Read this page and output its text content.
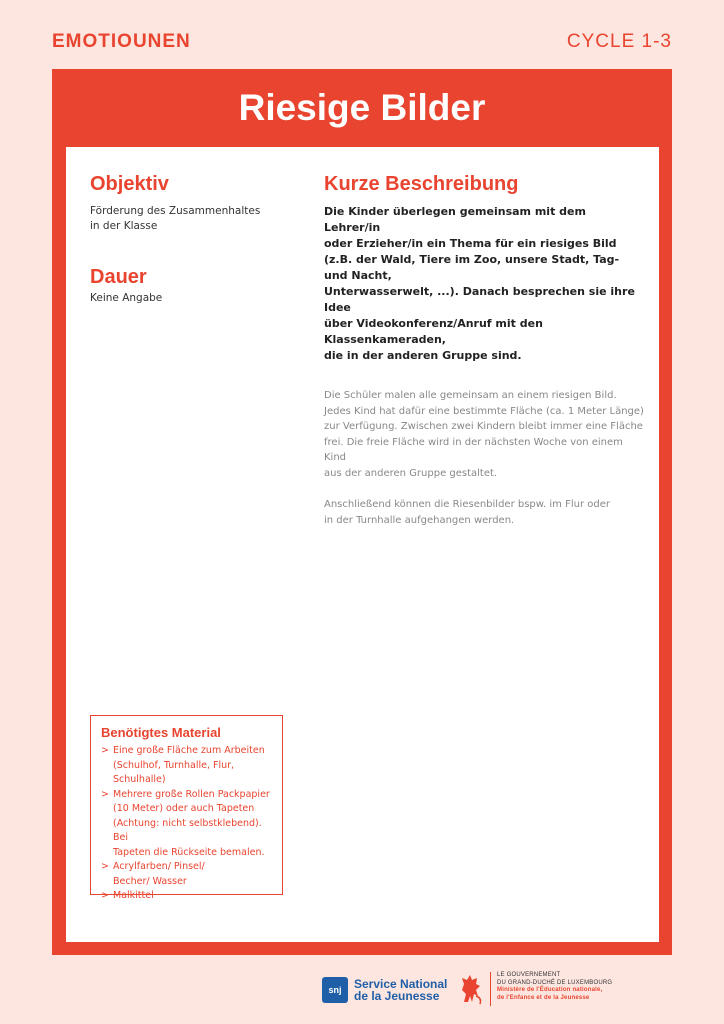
EMOTIOUNEN	CYCLE 1-3
Riesige Bilder
Objektiv

Förderung des Zusammenhaltes
in der Klasse

Dauer

Keine Angabe

Kurze Beschreibung

Die Kinder überlegen gemeinsam mit dem Lehrer/in
oder Erzieher/in ein Thema für ein riesiges Bild
(z.B. der Wald, Tiere im Zoo, unsere Stadt, Tag- und Nacht,
Unterwasserwelt, ...). Danach besprechen sie ihre Idee
über Videokonferenz/Anruf mit den Klassenkameraden,
die in der anderen Gruppe sind.

Die Schüler malen alle gemeinsam an einem riesigen Bild.
Jedes Kind hat dafür eine bestimmte Fläche (ca. 1 Meter Länge)
zur Verfügung. Zwischen zwei Kindern bleibt immer eine Fläche
frei. Die freie Fläche wird in der nächsten Woche von einem Kind
aus der anderen Gruppe gestaltet.

Anschließend können die Riesenbilder bspw. im Flur oder
in der Turnhalle aufgehangen werden.

Benötigtes Material
> Eine große Fläche zum Arbeiten
(Schulhof, Turnhalle, Flur,
Schulhalle)
> Mehrere große Rollen Packpapier
(10 Meter) oder auch Tapeten
(Achtung: nicht selbstklebend). Bei
Tapeten die Rückseite bemalen.
> Acrylfarben/ Pinsel/
Becher/ Wasser
> Malkittel
snj	Service National
de la Jeunesse
LE GOUVERNEMENT
DU GRAND-DUCHÉ DE LUXEMBOURG
Ministère de l'Éducation nationale,
de l'Enfance et de la Jeunesse
